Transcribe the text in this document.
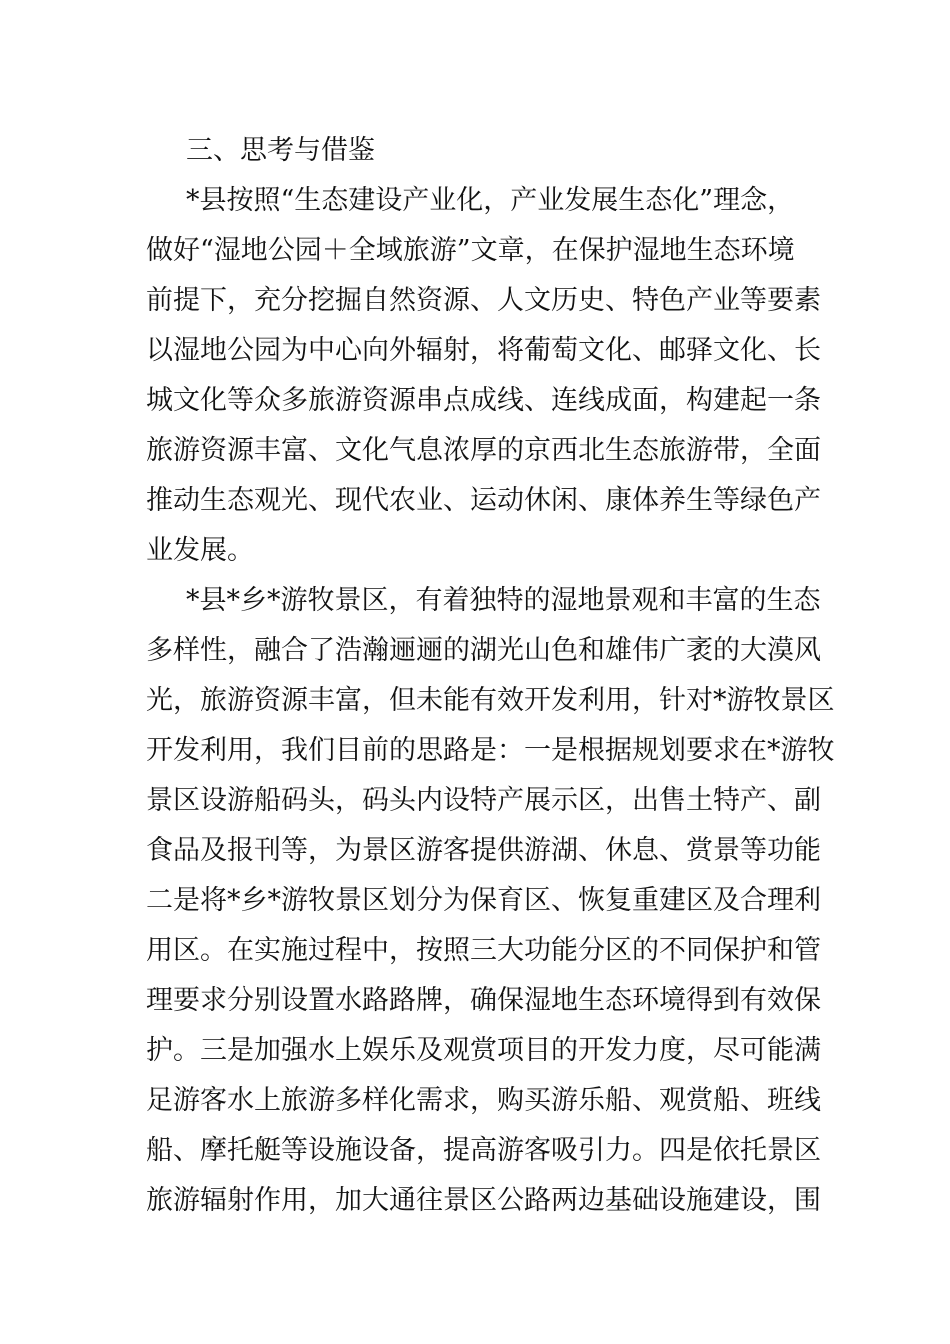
三、思考与借鉴
*县按照“生态建设产业化，产业发展生态化”理念，
做好“湿地公园＋全域旅游”文章，在保护湿地生态环境
前提下，充分挖掘自然资源、人文历史、特色产业等要素
以湿地公园为中心向外辐射，将葡萄文化、邮驿文化、长
城文化等众多旅游资源串点成线、连线成面，构建起一条
旅游资源丰富、文化气息浓厚的京西北生态旅游带，全面
推动生态观光、现代农业、运动休闲、康体养生等绿色产
业发展。
*县*乡*游牧景区，有着独特的湿地景观和丰富的生态
多样性，融合了浩瀚逦逦的湖光山色和雄伟广袤的大漠风
光，旅游资源丰富，但未能有效开发利用，针对*游牧景区
开发利用，我们目前的思路是：一是根据规划要求在*游牧
景区设游船码头，码头内设特产展示区，出售土特产、副
食品及报刊等，为景区游客提供游湖、休息、赏景等功能
二是将*乡*游牧景区划分为保育区、恢复重建区及合理利
用区。在实施过程中，按照三大功能分区的不同保护和管
理要求分别设置水路路牌，确保湿地生态环境得到有效保
护。三是加强水上娱乐及观赏项目的开发力度，尽可能满
足游客水上旅游多样化需求，购买游乐船、观赏船、班线
船、摩托艇等设施设备，提高游客吸引力。四是依托景区
旅游辐射作用，加大通往景区公路两边基础设施建设，围
